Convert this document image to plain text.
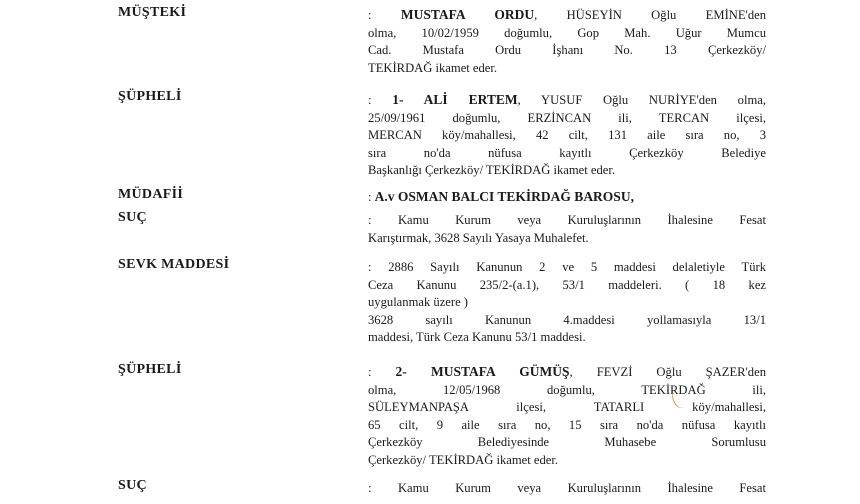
MÜŞTEKİ	: MUSTAFA ORDU, HÜSEYİN Oğlu EMİNE'den
olma, 10/02/1959 doğumlu, Gop Mah. Uğur Mumcu
Cad. Mustafa Ordu İşhanı No. 13 Çerkezköy/
TEKİRDAĞ ikamet eder.
ŞÜPHELİ	: 1- ALİ ERTEM, YUSUF Oğlu NURİYE'den olma,
25/09/1961 doğumlu, ERZİNCAN ili, TERCAN ilçesi,
MERCAN köy/mahallesi, 42 cilt, 131 aile sıra no, 3
sıra no'da nüfusa kayıtlı Çerkezköy Belediye
Başkanlığı Çerkezköy/ TEKİRDAĞ ikamet eder.
MÜDAFİİ	: A.v OSMAN BALCI TEKİRDAĞ BAROSU,
SUÇ	: Kamu Kurum veya Kuruluşlarının İhalesine Fesat
Karıştırmak, 3628 Sayılı Yasaya Muhalefet.
SEVK MADDESİ	: 2886 Sayılı Kanunun 2 ve 5 maddesi delaletiyle Türk
Ceza Kanunu 235/2-(a.1), 53/1 maddeleri. ( 18 kez
uygulanmak üzere )
3628 sayılı Kanunun 4.maddesi yollamasıyla 13/1
maddesi, Türk Ceza Kanunu 53/1 maddesi.
ŞÜPHELİ	: 2- MUSTAFA GÜMÜŞ, FEVZİ Oğlu ŞAZER'den
olma, 12/05/1968 doğumlu, TEKİRDAĞ ili,
SÜLEYMANPAŞA ilçesi, TATARLI köy/mahallesi,
65 cilt, 9 aile sıra no, 15 sıra no'da nüfusa kayıtlı
Çerkezköy Belediyesinde Muhasebe Sorumlusu
Çerkezköy/ TEKİRDAĞ ikamet eder.
SUÇ	: Kamu Kurum veya Kuruluşlarının İhalesine Fesat
